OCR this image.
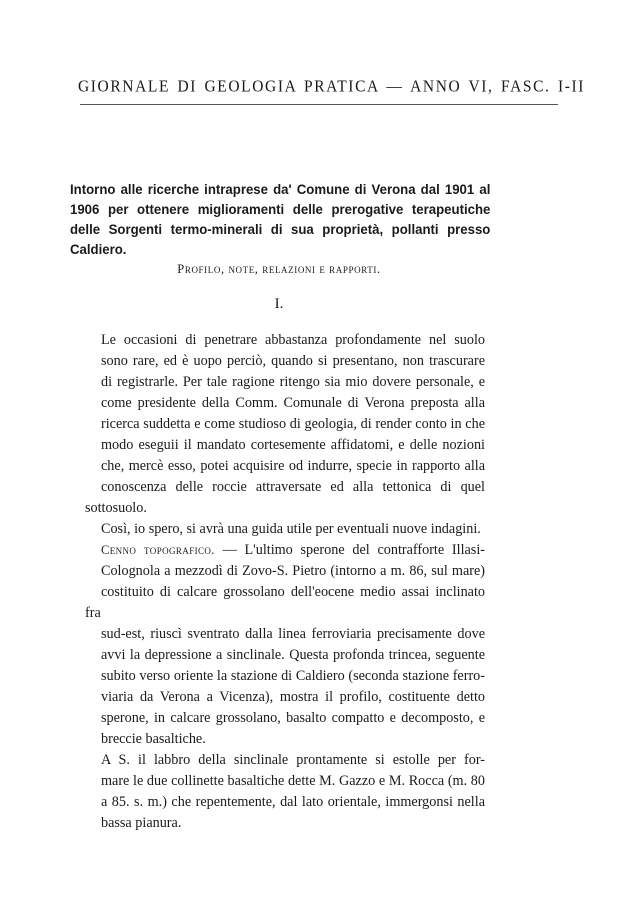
GIORNALE DI GEOLOGIA PRATICA — ANNO VI, FASC. I-II
Intorno alle ricerche intraprese da' Comune di Verona dal 1901 al
1906 per ottenere miglioramenti delle prerogative terapeutiche
delle Sorgenti termo-minerali di sua proprietà, pollanti presso
Caldiero.
Profilo, note, relazioni e rapporti.
I.

Le occasioni di penetrare abbastanza profondamente nel suolo
sono rare, ed è uopo perciò, quando si presentano, non trascurare
di registrarle. Per tale ragione ritengo sia mio dovere personale, e
come presidente della Comm. Comunale di Verona preposta alla
ricerca suddetta e come studioso di geologia, di render conto in che
modo eseguii il mandato cortesemente affidatomi, e delle nozioni
che, mercè esso, potei acquisire od indurre, specie in rapporto alla
conoscenza delle roccie attraversate ed alla tettonica di quel sottosuolo.
Così, io spero, si avrà una guida utile per eventuali nuove indagini.

Cenno topografico. — L'ultimo sperone del contrafforte Illasi-
Colognola a mezzodì di Zovo-S. Pietro (intorno a m. 86, sul mare)
costituito di calcare grossolano dell'eocene medio assai inclinato fra
sud-est, riuscì sventrato dalla linea ferroviaria precisamente dove
avvi la depressione a sinclinale. Questa profonda trincea, seguente
subito verso oriente la stazione di Caldiero (seconda stazione ferro-
viaria da Verona a Vicenza), mostra il profilo, costituente detto
sperone, in calcare grossolano, basalto compatto e decomposto, e
breccie basaltiche.

A S. il labbro della sinclinale prontamente si estolle per for-
mare le due collinette basaltiche dette M. Gazzo e M. Rocca (m. 80
a 85. s. m.) che repentemente, dal lato orientale, immergonsi nella
bassa pianura.
